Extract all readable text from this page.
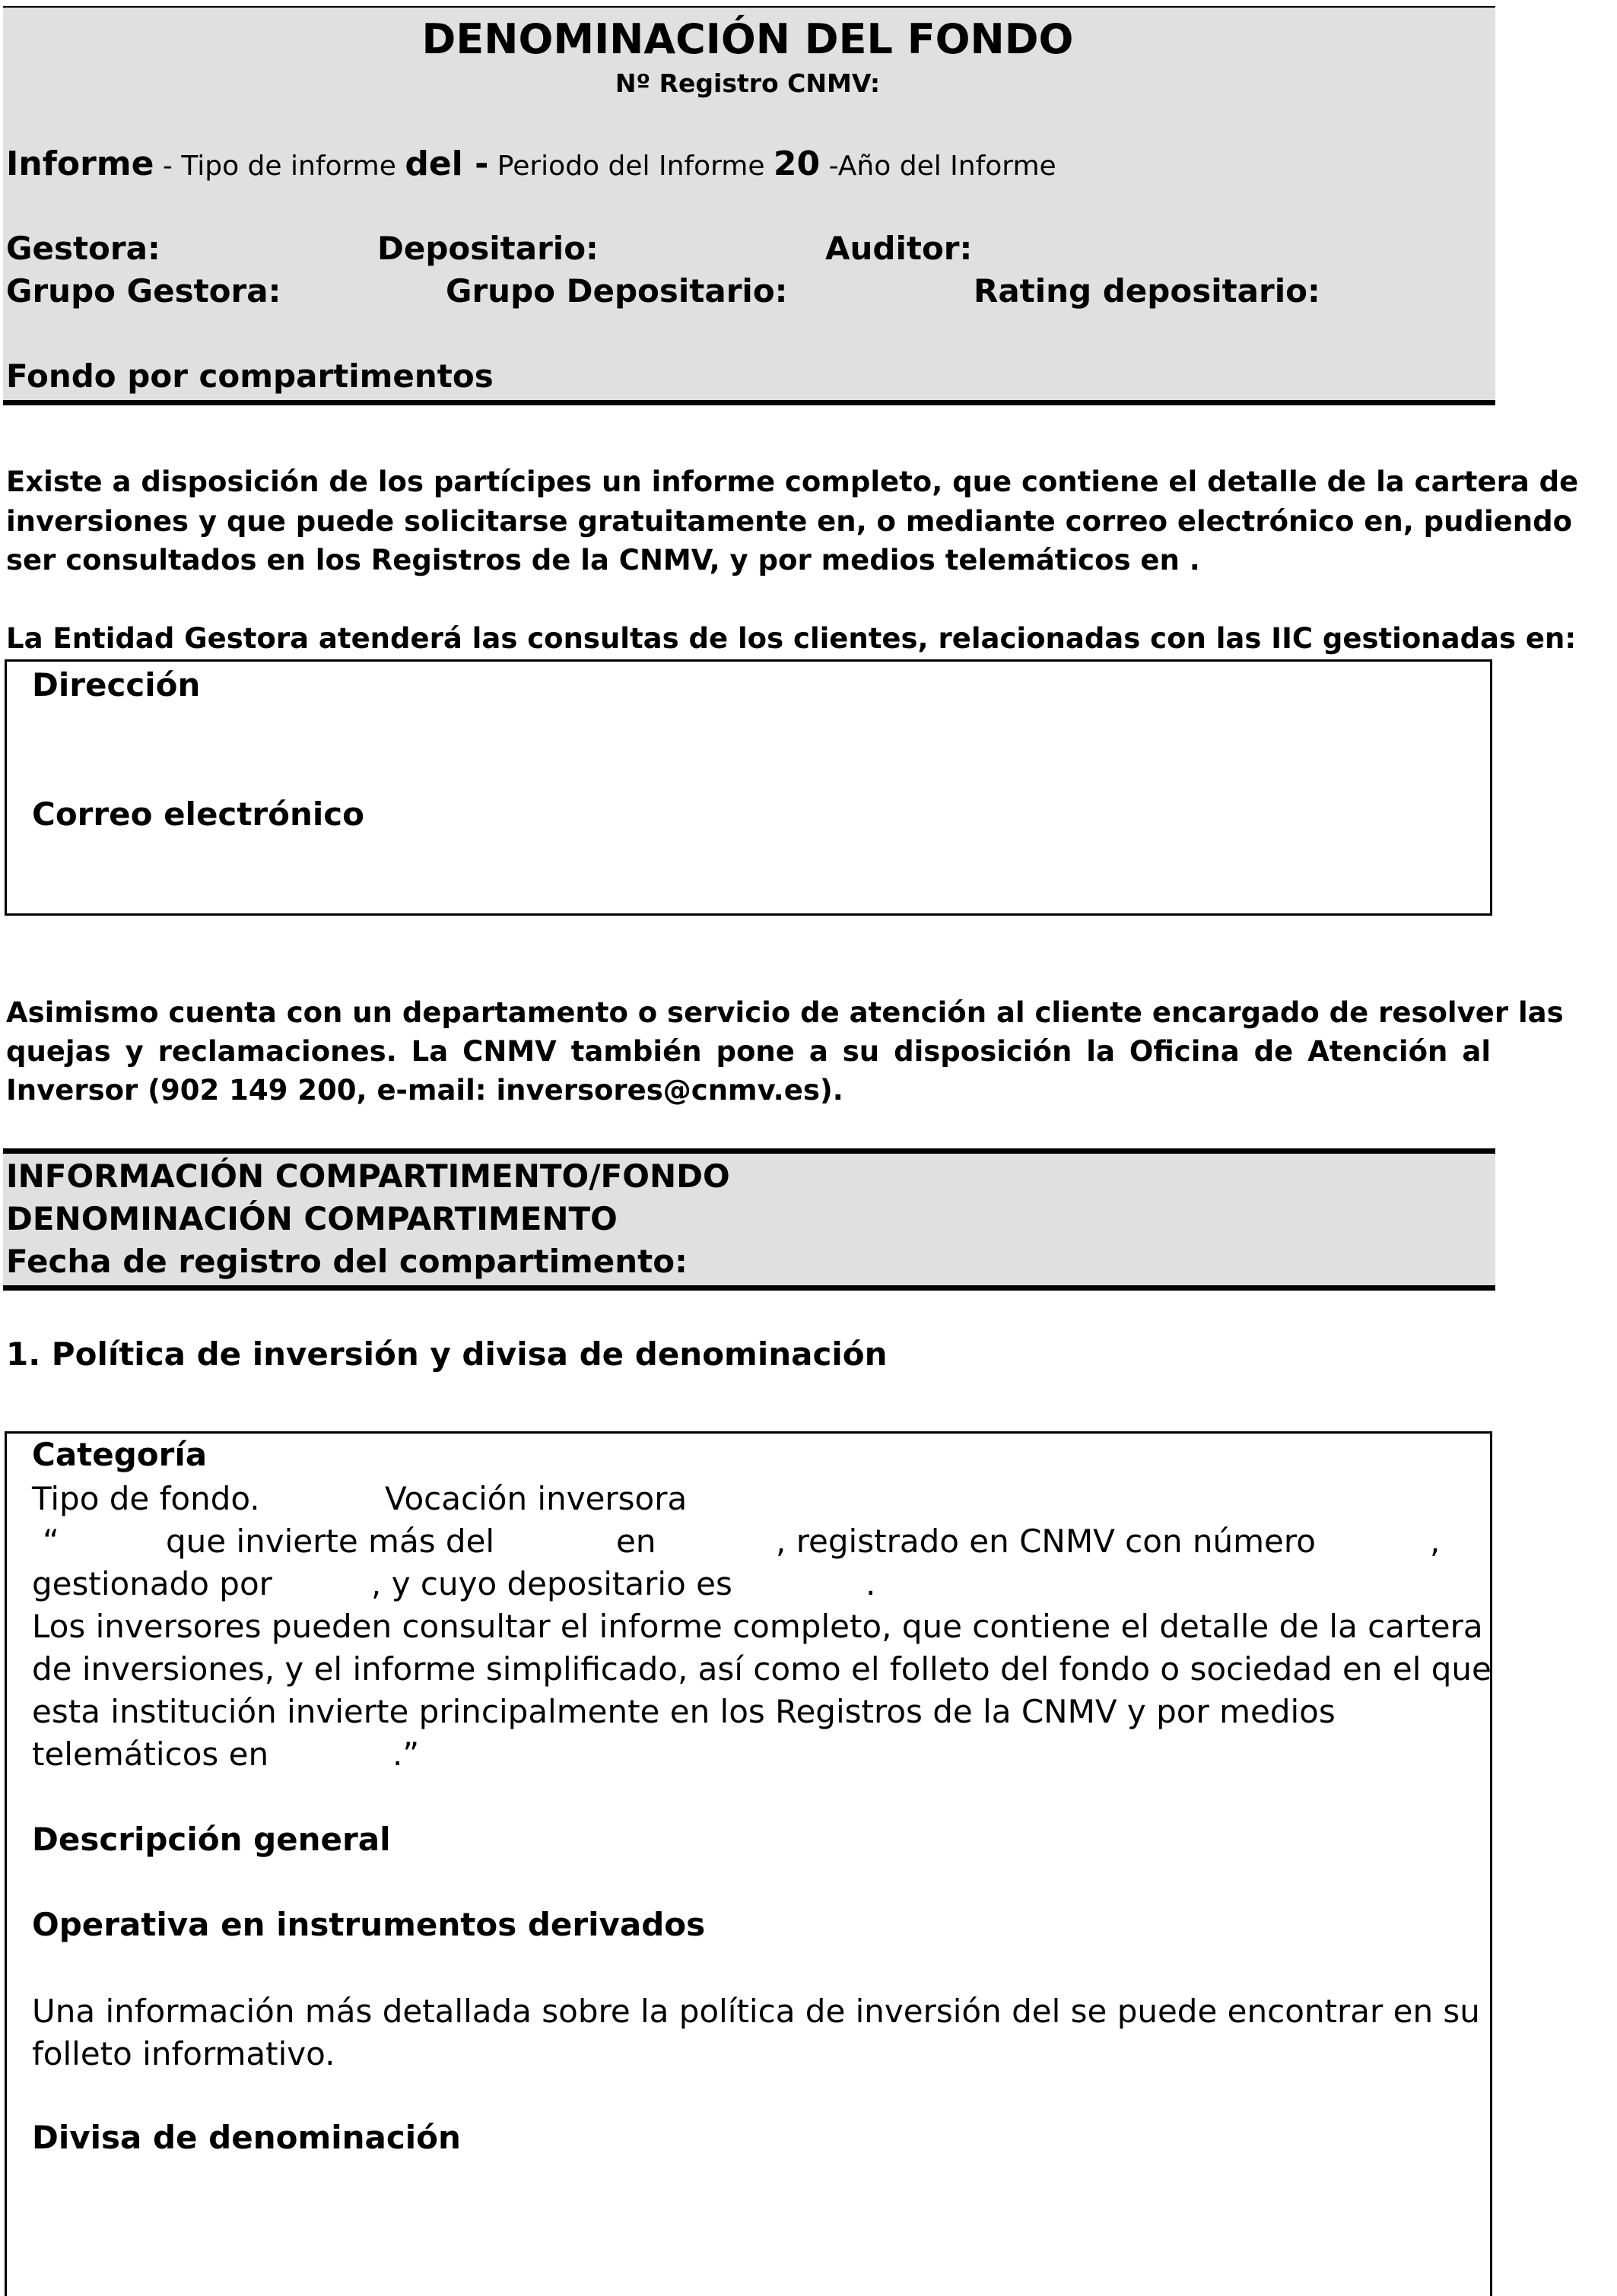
DENOMINACIÓN DEL FONDO
Nº Registro CNMV:
Informe - Tipo de informe del - Periodo del Informe 20 -Año del Informe
Gestora:	Depositario:	Auditor:
Grupo Gestora:	Grupo Depositario:	Rating depositario:
Fondo por compartimentos
Existe a disposición de los partícipes un informe completo, que contiene el detalle de la cartera de
inversiones y que puede solicitarse gratuitamente en, o mediante correo electrónico en, pudiendo
ser consultados en los Registros de la CNMV, y por medios telemáticos en .
La Entidad Gestora atenderá las consultas de los clientes, relacionadas con las IIC gestionadas en:
Dirección
Correo electrónico
Asimismo cuenta con un departamento o servicio de atención al cliente encargado de resolver las
quejas y reclamaciones. La CNMV también pone a su disposición la Oficina de Atención al
Inversor (902 149 200, e-mail: inversores@cnmv.es).
INFORMACIÓN COMPARTIMENTO/FONDO
DENOMINACIÓN COMPARTIMENTO
Fecha de registro del compartimento:
1. Política de inversión y divisa de denominación
Categoría
Tipo de fondo.	Vocación inversora
“	que invierte más del	en	, registrado en CNMV con número	,
gestionado por	, y cuyo depositario es	.
Los inversores pueden consultar el informe completo, que contiene el detalle de la cartera
de inversiones, y el informe simplificado, así como el folleto del fondo o sociedad en el que
esta institución invierte principalmente en los Registros de la CNMV y por medios
telemáticos en	.”
Descripción general
Operativa en instrumentos derivados
Una información más detallada sobre la política de inversión del se puede encontrar en su
folleto informativo.
Divisa de denominación
